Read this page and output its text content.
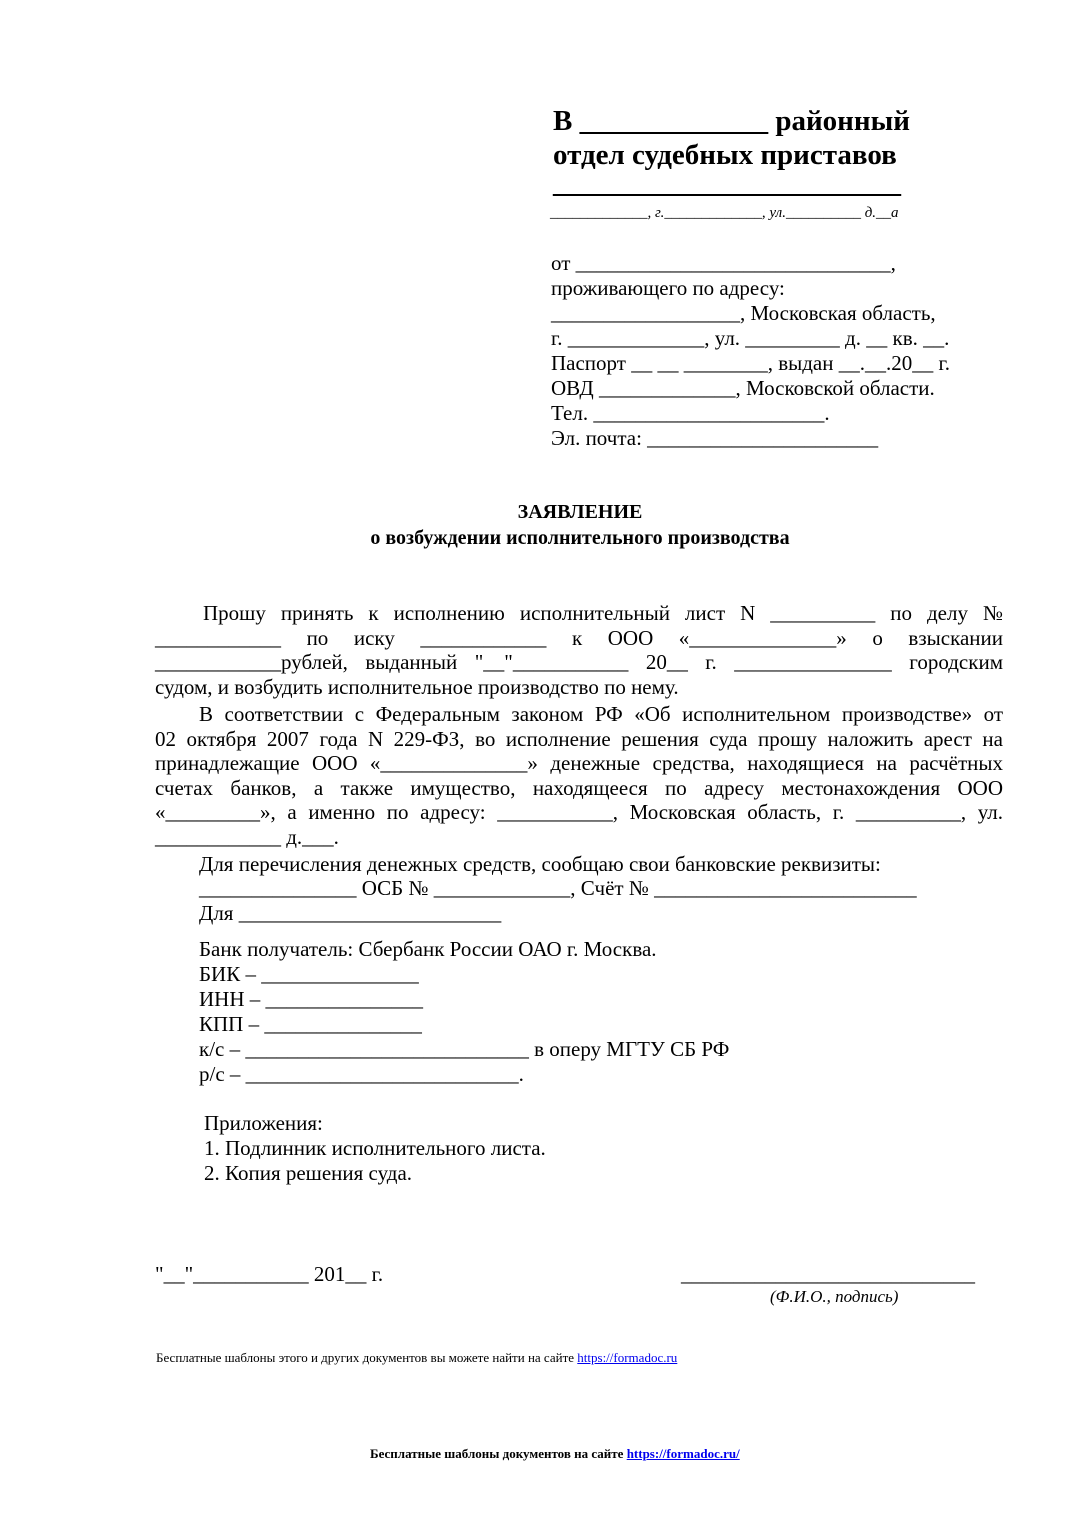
В _____________ районный
отдел судебных приставов
________________________
_____________, г._____________, ул.__________ д.__а
от ______________________________,
проживающего по адресу:
__________________, Московская область,
г. _____________, ул. _________ д. __ кв. __.
Паспорт __ __ ________, выдан __.__.20__ г.
ОВД _____________, Московской области.
Тел. ______________________.
Эл. почта: ______________________
ЗАЯВЛЕНИЕ
о возбуждении исполнительного производства
Прошу принять к исполнению исполнительный лист N __________ по делу №
____________ по иску ____________ к ООО «______________» о взыскании
____________рублей, выданный "__"___________ 20__ г. _______________ городским
судом, и возбудить исполнительное производство по нему.
В соответствии с Федеральным законом РФ «Об исполнительном производстве» от
02 октября 2007 года N 229-ФЗ, во исполнение решения суда прошу наложить арест на
принадлежащие ООО «______________» денежные средства, находящиеся на расчётных
счетах банков, а также имущество, находящееся по адресу местонахождения ООО
«_________», а именно по адресу: ___________, Московская область, г. __________, ул.
____________ д.___.
Для перечисления денежных средств, сообщаю свои банковские реквизиты:
_______________ ОСБ № _____________, Счёт № _________________________
Для _________________________
Банк получатель: Сбербанк России ОАО г. Москва.
БИК – _______________
ИНН – _______________
КПП – _______________
к/с – ___________________________ в оперу МГТУ СБ РФ
р/с – __________________________.
Приложения:
1. Подлинник исполнительного листа.
2. Копия решения суда.
"__"___________ 201__ г.	____________________________
(Ф.И.О., подпись)
Бесплатные шаблоны этого и других документов вы можете найти на сайте https://formadoc.ru
Бесплатные шаблоны документов на сайте https://formadoc.ru/
